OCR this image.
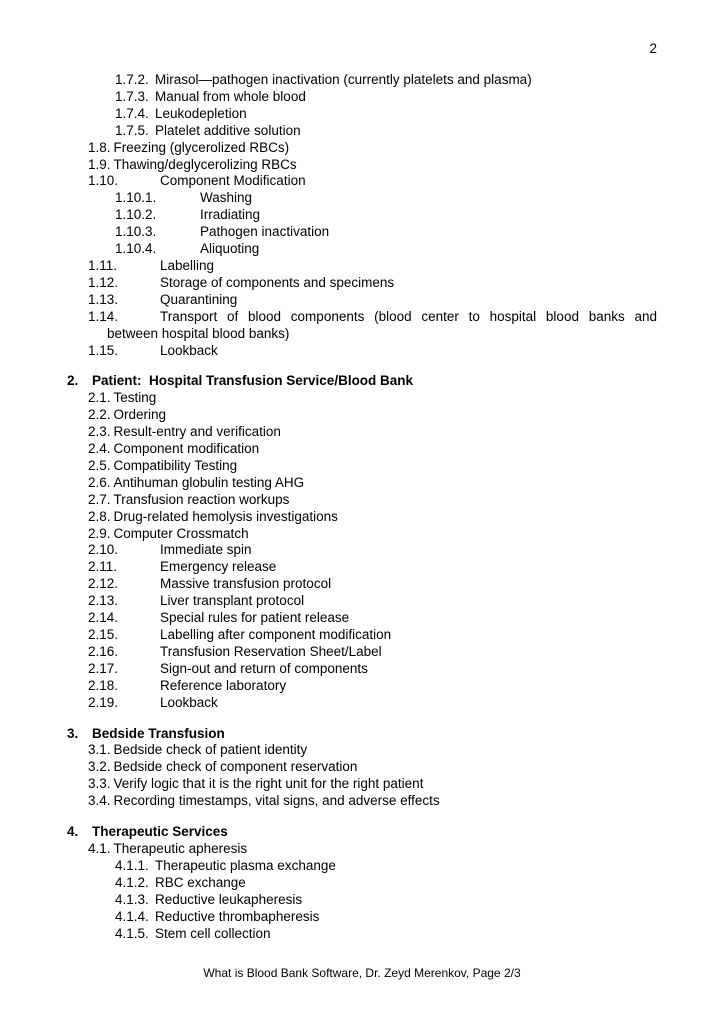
2
1.7.2. Mirasol—pathogen inactivation (currently platelets and plasma)
1.7.3. Manual from whole blood
1.7.4. Leukodepletion
1.7.5. Platelet additive solution
1.8. Freezing (glycerolized RBCs)
1.9. Thawing/deglycerolizing RBCs
1.10.	Component Modification
1.10.1.	Washing
1.10.2.	Irradiating
1.10.3.	Pathogen inactivation
1.10.4.	Aliquoting
1.11.	Labelling
1.12.	Storage of components and specimens
1.13.	Quarantining
1.14.	Transport of blood components (blood center to hospital blood banks and
between hospital blood banks)
1.15.	Lookback
2. Patient:  Hospital Transfusion Service/Blood Bank
2.1. Testing
2.2. Ordering
2.3. Result-entry and verification
2.4. Component modification
2.5. Compatibility Testing
2.6. Antihuman globulin testing AHG
2.7. Transfusion reaction workups
2.8. Drug-related hemolysis investigations
2.9. Computer Crossmatch
2.10.	Immediate spin
2.11.	Emergency release
2.12.	Massive transfusion protocol
2.13.	Liver transplant protocol
2.14.	Special rules for patient release
2.15.	Labelling after component modification
2.16.	Transfusion Reservation Sheet/Label
2.17.	Sign-out and return of components
2.18.	Reference laboratory
2.19.	Lookback
3. Bedside Transfusion
3.1. Bedside check of patient identity
3.2. Bedside check of component reservation
3.3. Verify logic that it is the right unit for the right patient
3.4. Recording timestamps, vital signs, and adverse effects
4. Therapeutic Services
4.1. Therapeutic apheresis
4.1.1. Therapeutic plasma exchange
4.1.2. RBC exchange
4.1.3. Reductive leukapheresis
4.1.4. Reductive thrombapheresis
4.1.5. Stem cell collection
What is Blood Bank Software, Dr. Zeyd Merenkov, Page 2/3
